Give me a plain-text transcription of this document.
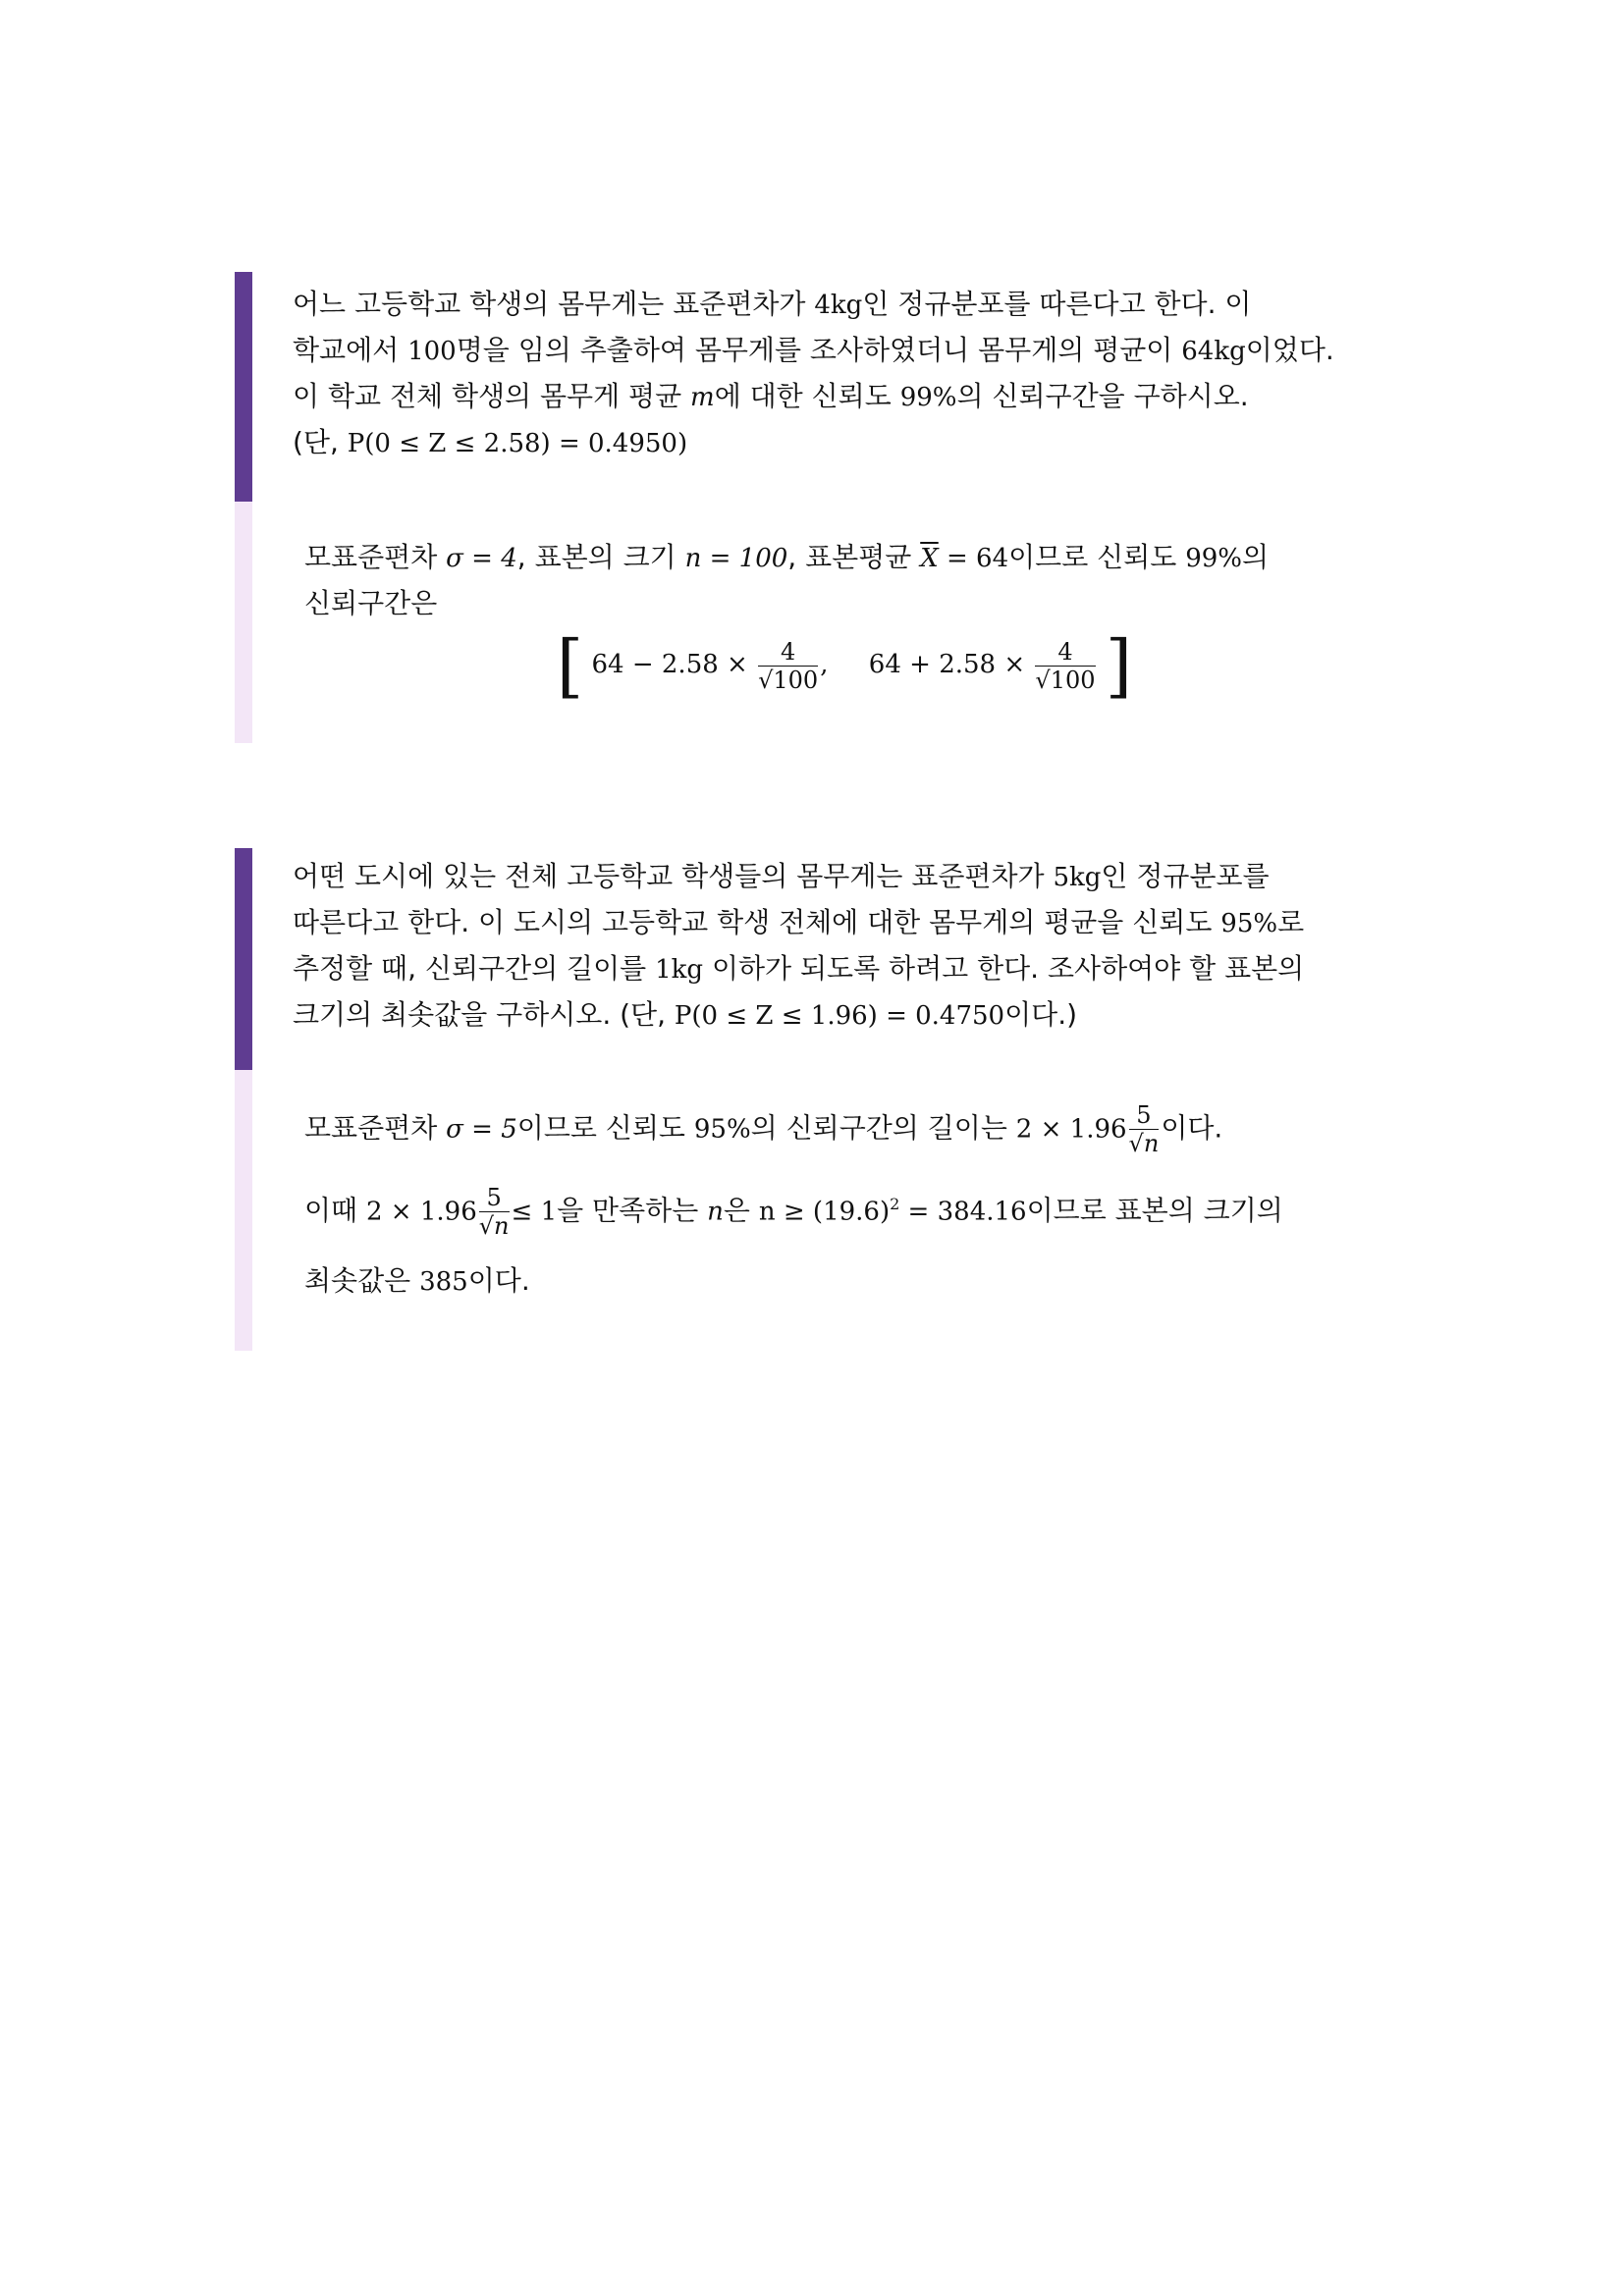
어느 고등학교 학생의 몸무게는 표준편차가 4kg인 정규분포를 따른다고 한다. 이
학교에서 100명을 임의 추출하여 몸무게를 조사하였더니 몸무게의 평균이 64kg이었다.
이 학교 전체 학생의 몸무게 평균 m에 대한 신뢰도 99%의 신뢰구간을 구하시오.
(단, P(0 ≤ Z ≤ 2.58) = 0.4950)
모표준편차 σ = 4, 표본의 크기 n = 100, 표본평균 $\overline{X} = 64$이므로 신뢰도 99%의
신뢰구간은
[ $64 - 2.58 \times \frac{4}{√100}$ , $64 + 2.58 \times \frac{4}{√100}$ ]
어떤 도시에 있는 전체 고등학교 학생들의 몸무게는 표준편차가 5kg인 정규분포를
따른다고 한다. 이 도시의 고등학교 학생 전체에 대한 몸무게의 평균을 신뢰도 95%로
추정할 때, 신뢰구간의 길이를 1kg 이하가 되도록 하려고 한다. 조사하여야 할 표본의
크기의 최솟값을 구하시오. (단, P(0 ≤ Z ≤ 1.96) = 0.4750이다.)
모표준편차 σ = 5이므로 신뢰도 95%의 신뢰구간의 길이는 $2 \times 1.96 \frac{5}{√n}$ 이다.
이때 $2 \times 1.96 \frac{5}{√n} \le 1$을 만족하는 n은 $n \ge (19.6)^2 = 384.16$이므로 표본의 크기의
최솟값은 385이다.
